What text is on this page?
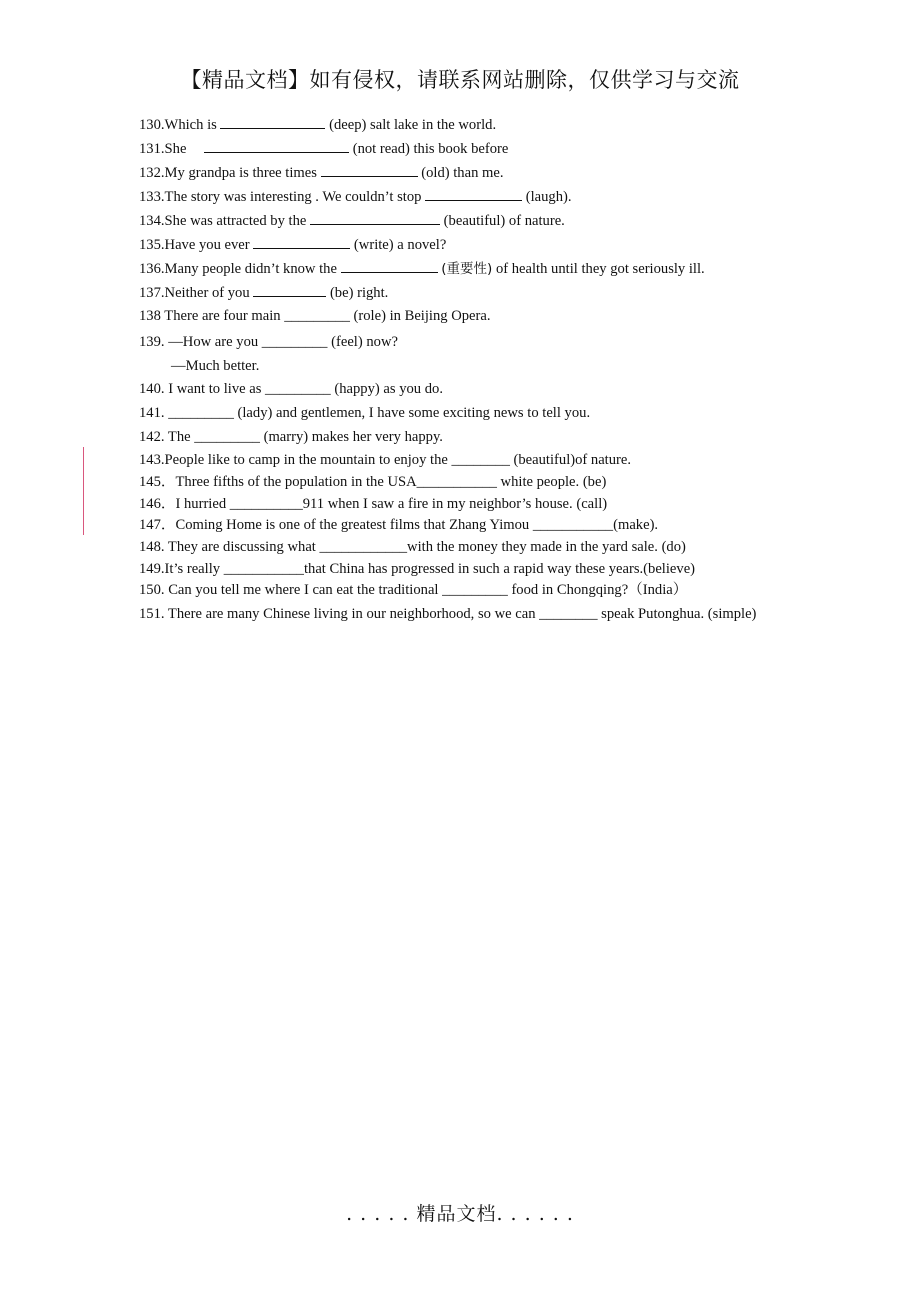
【精品文档】如有侵权，请联系网站删除，仅供学习与交流
130.Which is	(deep) salt lake in the world.
131.She	(not read) this book before
132.My grandpa is three times	(old) than me.
133.The story was interesting . We couldn’t stop	(laugh).
134.She was attracted by the	(beautiful) of nature.
135.Have you ever	(write) a novel?
136.Many people didn’t know the	(重要性) of health until they got seriously ill.
137.Neither of you	(be) right.
138 There are four main _________ (role) in Beijing Opera.
139. —How are you _________ (feel) now?
—Much better.
140. I want to live as _________ (happy) as you do.
141. _________ (lady) and gentlemen, I have some exciting news to tell you.
142. The _________ (marry) makes her very happy.
143.People like to camp in the mountain to enjoy the ________ (beautiful)of nature.
145．Three fifths of the population in the USA___________ white people. (be)
146．I hurried __________911 when I saw a fire in my neighbor’s house. (call)
147．Coming Home is one of the greatest films that Zhang Yimou ___________(make).
148. They are discussing what ____________with the money they made in the yard sale. (do)
149.It’s really ___________that China has progressed in such a rapid way these years.(believe)
150. Can you tell me where I can eat the traditional _________ food in Chongqing?（India）
151. There are many Chinese living in our neighborhood, so we can ________ speak Putonghua. (simple)
. . . . . 精品文档. . . . . .
